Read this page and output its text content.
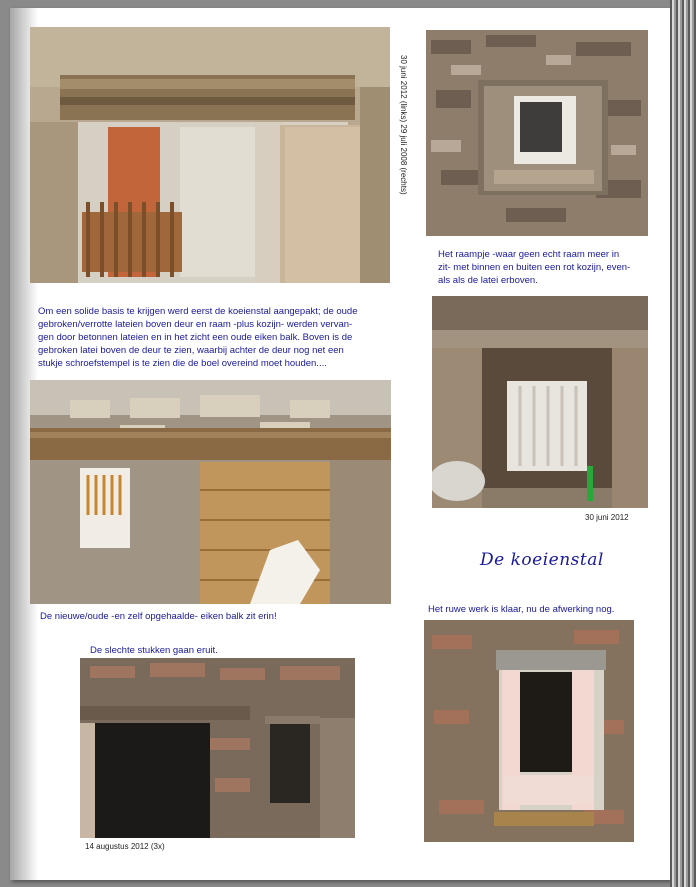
30 juni 2012 (links) 29 juli 2008 (rechts)
Het raampje -waar geen echt raam meer in
zit- met binnen en buiten een rot kozijn, even-
als als de latei erboven.
Om een solide basis te krijgen werd eerst de koeienstal aangepakt; de oude
gebroken/verrotte lateien boven deur en raam -plus kozijn- werden vervan-
gen door betonnen lateien en in het zicht een oude eiken balk. Boven is de
gebroken latei boven de deur te zien, waarbij achter de deur nog net een
stukje schroefstempel is te zien die de boel overeind moet houden....
30 juni 2012
De koeienstal
De nieuwe/oude -en zelf opgehaalde- eiken balk zit erin!
Het ruwe werk is klaar, nu de afwerking nog.
De slechte stukken gaan eruit.
14 augustus 2012 (3x)
